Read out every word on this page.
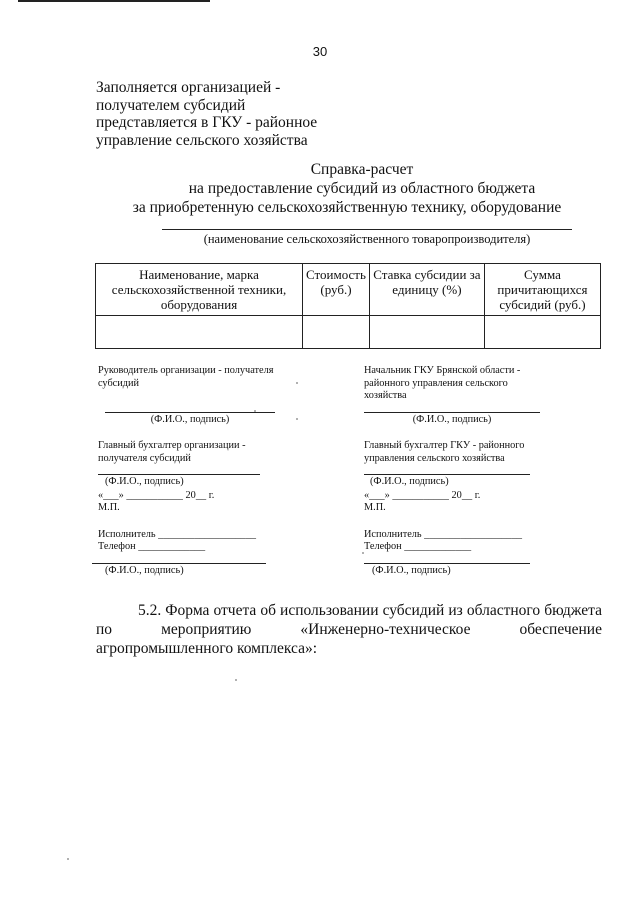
30
Заполняется организацией -
получателем субсидий
представляется в ГКУ - районное
управление сельского хозяйства
Справка-расчет
на предоставление субсидий из областного бюджета
за приобретенную сельскохозяйственную технику, оборудование
(наименование сельскохозяйственного товаропроизводителя)
Наименование, марка сельскохозяйственной техники, оборудования	Стоимость (руб.)	Ставка субсидии за единицу (%)	Сумма причитающихся субсидий (руб.)

Руководитель организации - получателя субсидий
(Ф.И.О., подпись)
Главный бухгалтер организации - получателя субсидий
(Ф.И.О., подпись)
«___» ___________ 20__ г.
М.П.
Исполнитель ___________________
Телефон _____________
(Ф.И.О., подпись)
Начальник ГКУ Брянской области - районного управления сельского хозяйства
(Ф.И.О., подпись)
Главный бухгалтер ГКУ - районного управления сельского хозяйства
(Ф.И.О., подпись)
«___» ___________ 20__ г.
М.П.
Исполнитель ___________________
Телефон _____________
(Ф.И.О., подпись)
5.2. Форма отчета об использовании субсидий из областного бюджета по мероприятию «Инженерно-техническое обеспечение агропромышленного комплекса»:
